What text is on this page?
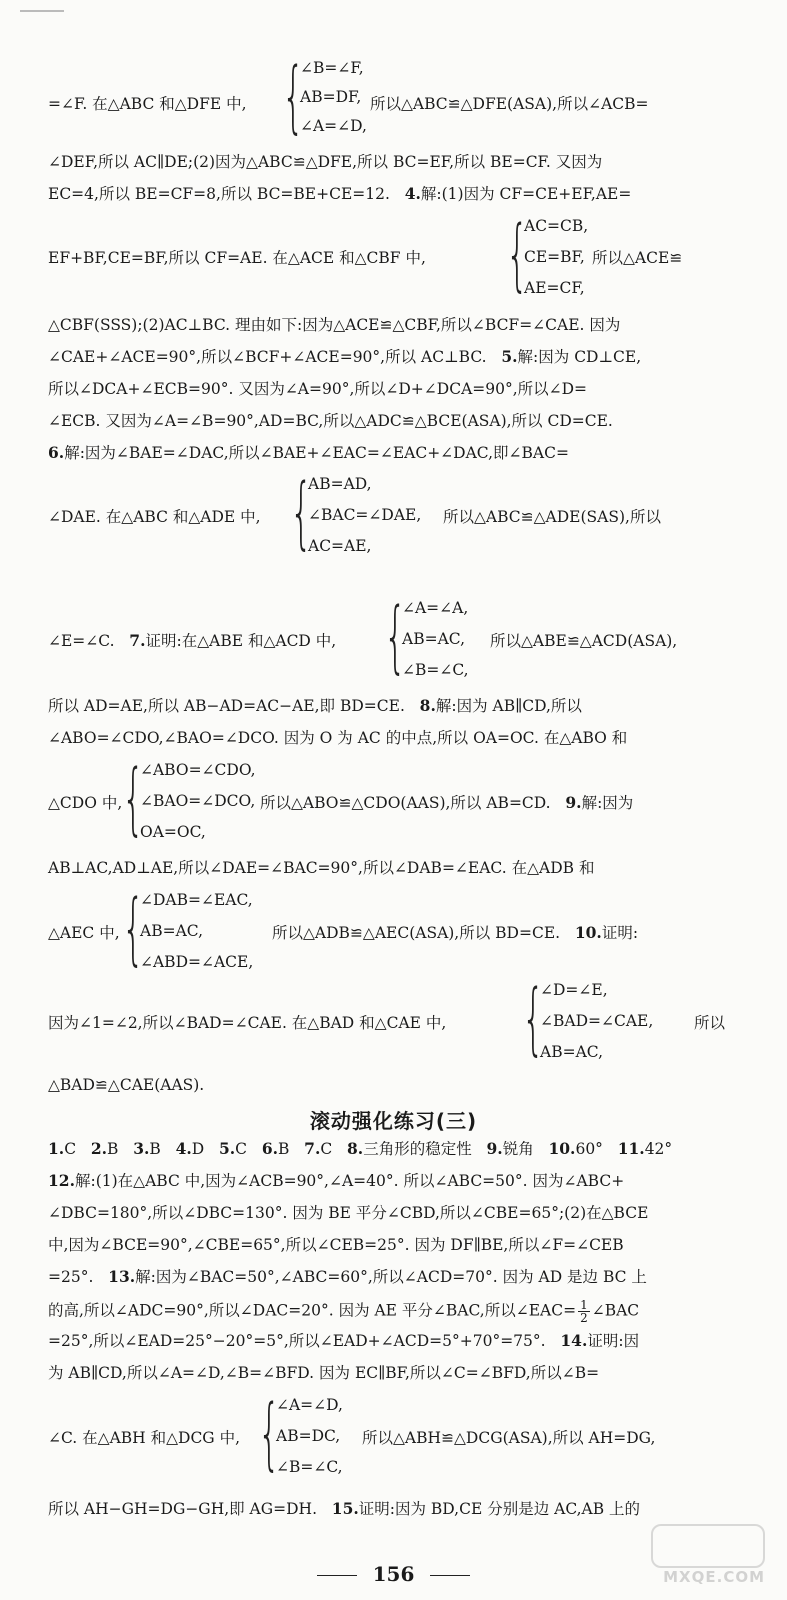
=∠F. 在△ABC 和△DFE 中, {
∠B=∠F,
AB=DF,
∠A=∠D,
所以△ABC≌△DFE(ASA),所以∠ACB=
∠DEF,所以 AC∥DE;(2)因为△ABC≌△DFE,所以 BC=EF,所以 BE=CF. 又因为
EC=4,所以 BE=CF=8,所以 BC=BE+CE=12. 4.解:(1)因为 CF=CE+EF,AE=
EF+BF,CE=BF,所以 CF=AE. 在△ACE 和△CBF 中, {
AC=CB,
CE=BF,
AE=CF,
所以△ACE≌
△CBF(SSS);(2)AC⊥BC. 理由如下:因为△ACE≌△CBF,所以∠BCF=∠CAE. 因为
∠CAE+∠ACE=90°,所以∠BCF+∠ACE=90°,所以 AC⊥BC. 5.解:因为 CD⊥CE,
所以∠DCA+∠ECB=90°. 又因为∠A=90°,所以∠D+∠DCA=90°,所以∠D=
∠ECB. 又因为∠A=∠B=90°,AD=BC,所以△ADC≌△BCE(ASA),所以 CD=CE.
6.解:因为∠BAE=∠DAC,所以∠BAE+∠EAC=∠EAC+∠DAC,即∠BAC=
∠DAE. 在△ABC 和△ADE 中, {
AB=AD,
∠BAC=∠DAE,
AC=AE,
所以△ABC≌△ADE(SAS),所以
∠E=∠C. 7.证明:在△ABE 和△ACD 中, {
∠A=∠A,
AB=AC,
∠B=∠C,
所以△ABE≌△ACD(ASA),
所以 AD=AE,所以 AB−AD=AC−AE,即 BD=CE. 8.解:因为 AB∥CD,所以
∠ABO=∠CDO,∠BAO=∠DCO. 因为 O 为 AC 的中点,所以 OA=OC. 在△ABO 和
△CDO 中, {
∠ABO=∠CDO,
∠BAO=∠DCO,
OA=OC,
所以△ABO≌△CDO(AAS),所以 AB=CD. 9.解:因为
AB⊥AC,AD⊥AE,所以∠DAE=∠BAC=90°,所以∠DAB=∠EAC. 在△ADB 和
△AEC 中, {
∠DAB=∠EAC,
AB=AC,
∠ABD=∠ACE,
所以△ADB≌△AEC(ASA),所以 BD=CE. 10.证明:
因为∠1=∠2,所以∠BAD=∠CAE. 在△BAD 和△CAE 中, {
∠D=∠E,
∠BAD=∠CAE,
AB=AC,
所以
△BAD≌△CAE(AAS).
滚动强化练习(三)
1.C 2.B 3.B 4.D 5.C 6.B 7.C 8.三角形的稳定性 9.锐角 10.60° 11.42°
12.解:(1)在△ABC 中,因为∠ACB=90°,∠A=40°. 所以∠ABC=50°. 因为∠ABC+
∠DBC=180°,所以∠DBC=130°. 因为 BE 平分∠CBD,所以∠CBE=65°;(2)在△BCE
中,因为∠BCE=90°,∠CBE=65°,所以∠CEB=25°. 因为 DF∥BE,所以∠F=∠CEB
=25°. 13.解:因为∠BAC=50°,∠ABC=60°,所以∠ACD=70°. 因为 AD 是边 BC 上
的高,所以∠ADC=90°,所以∠DAC=20°. 因为 AE 平分∠BAC,所以∠EAC= $\frac{1}{2}$ ∠BAC
=25°,所以∠EAD=25°−20°=5°,所以∠EAD+∠ACD=5°+70°=75°. 14.证明:因
为 AB∥CD,所以∠A=∠D,∠B=∠BFD. 因为 EC∥BF,所以∠C=∠BFD,所以∠B=
∠C. 在△ABH 和△DCG 中, {
∠A=∠D,
AB=DC,
∠B=∠C,
所以△ABH≌△DCG(ASA),所以 AH=DG,
所以 AH−GH=DG−GH,即 AG=DH. 15.证明:因为 BD,CE 分别是边 AC,AB 上的
156	MXQE.COM
